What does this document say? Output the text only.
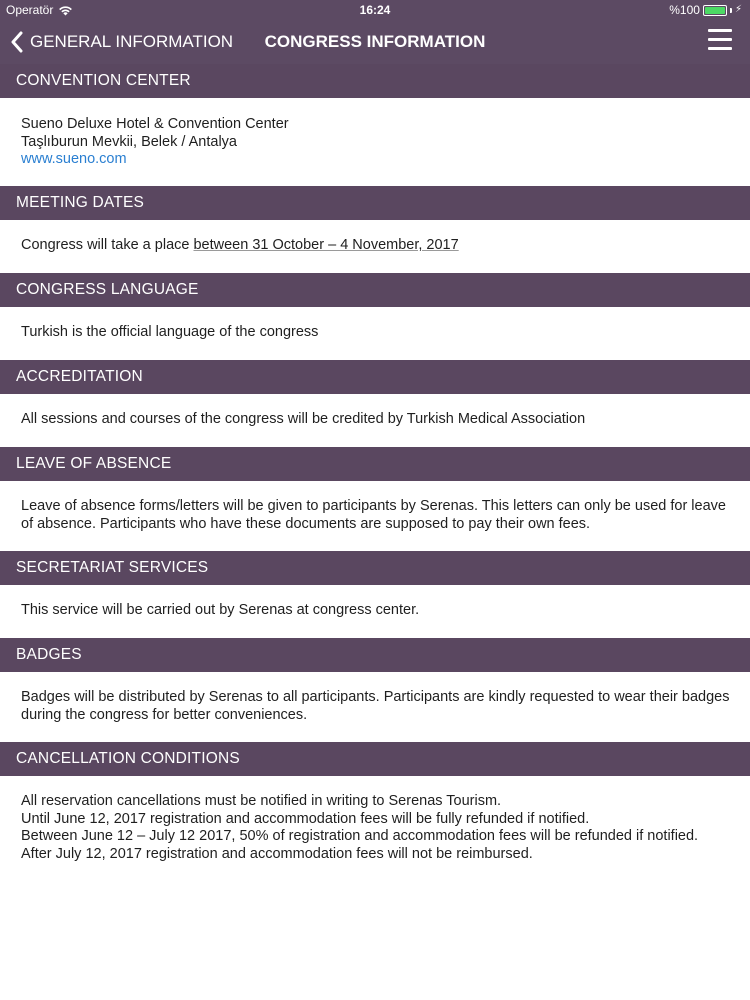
Operatör	16:24	%100	⚡
GENERAL INFORMATION	CONGRESS INFORMATION
CONVENTION CENTER

Sueno Deluxe Hotel & Convention Center

Taşlıburun Mevkii, Belek / Antalya

www.sueno.com

MEETING DATES

Congress will take a place between 31 October – 4 November, 2017

CONGRESS LANGUAGE

Turkish is the official language of the congress

ACCREDITATION

All sessions and courses of the congress will be credited by Turkish Medical Association

LEAVE OF ABSENCE

Leave of absence forms/letters will be given to participants by Serenas. This letters can only be used for leave of absence. Participants who have these documents are supposed to pay their own fees.

SECRETARIAT SERVICES

This service will be carried out by Serenas at congress center.

BADGES

Badges will be distributed by Serenas to all participants. Participants are kindly requested to wear their badges during the congress for better conveniences.

CANCELLATION CONDITIONS

All reservation cancellations must be notified in writing to Serenas Tourism.

Until June 12, 2017 registration and accommodation fees will be fully refunded if notified.

Between June 12 – July 12 2017, 50% of registration and accommodation fees will be refunded if notified.

After July 12, 2017 registration and accommodation fees will not be reimbursed.
